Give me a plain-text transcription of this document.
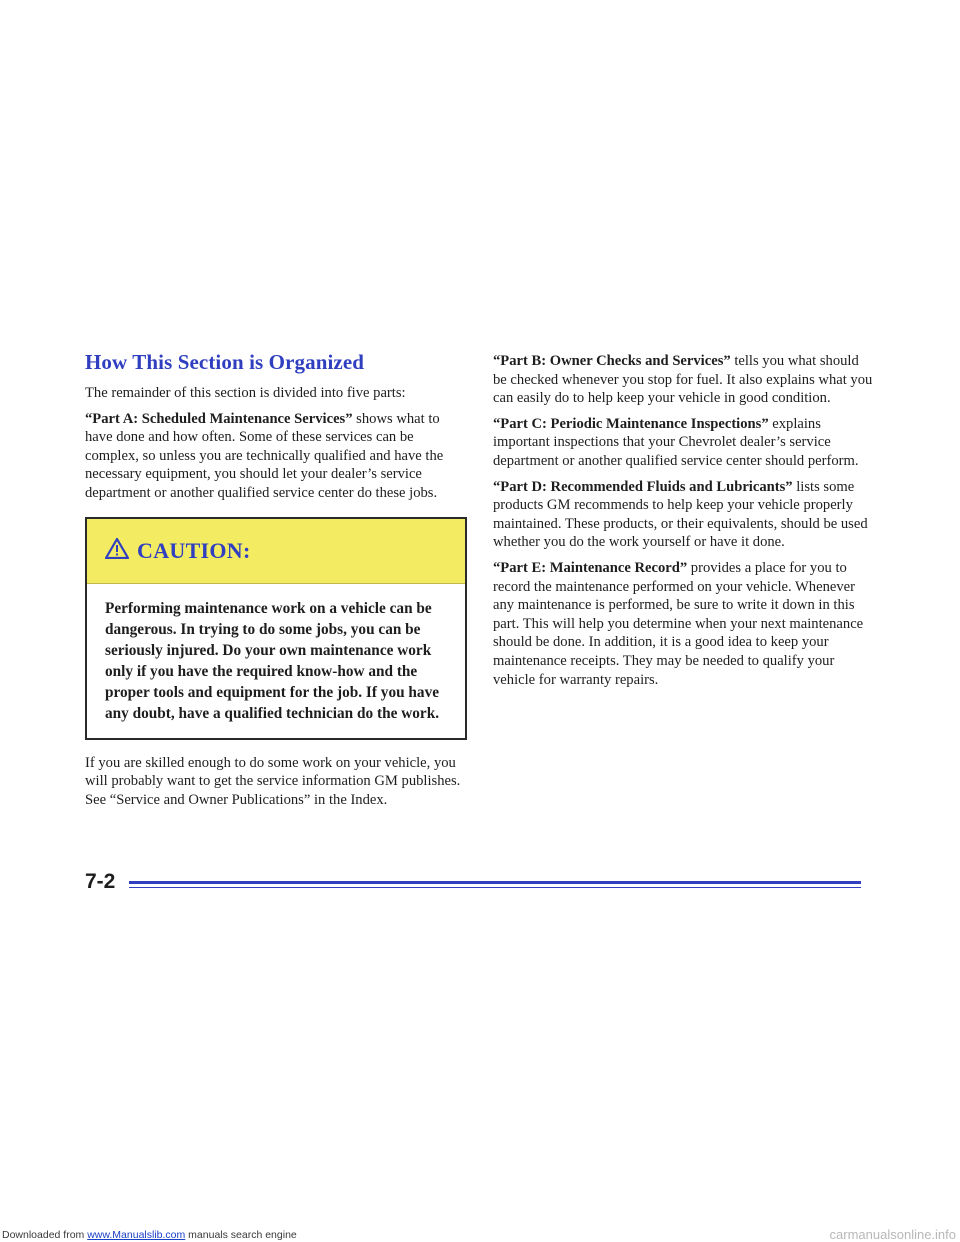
How This Section is Organized

The remainder of this section is divided into five parts:

“Part A: Scheduled Maintenance Services” shows what to have done and how often. Some of these services can be complex, so unless you are technically qualified and have the necessary equipment, you should let your dealer’s service department or another qualified service center do these jobs.

CAUTION:
Performing maintenance work on a vehicle can be dangerous. In trying to do some jobs, you can be seriously injured. Do your own maintenance work only if you have the required know-how and the proper tools and equipment for the job. If you have any doubt, have a qualified technician do the work.

If you are skilled enough to do some work on your vehicle, you will probably want to get the service information GM publishes. See “Service and Owner Publications” in the Index.

“Part B: Owner Checks and Services” tells you what should be checked whenever you stop for fuel. It also explains what you can easily do to help keep your vehicle in good condition.

“Part C: Periodic Maintenance Inspections” explains important inspections that your Chevrolet dealer’s service department or another qualified service center should perform.

“Part D: Recommended Fluids and Lubricants” lists some products GM recommends to help keep your vehicle properly maintained. These products, or their equivalents, should be used whether you do the work yourself or have it done.

“Part E: Maintenance Record” provides a place for you to record the maintenance performed on your vehicle. Whenever any maintenance is performed, be sure to write it down in this part. This will help you determine when your next maintenance should be done. In addition, it is a good idea to keep your maintenance receipts. They may be needed to qualify your vehicle for warranty repairs.

7-2
Downloaded from www.Manualslib.com manuals search engine	carmanualsonline.info
